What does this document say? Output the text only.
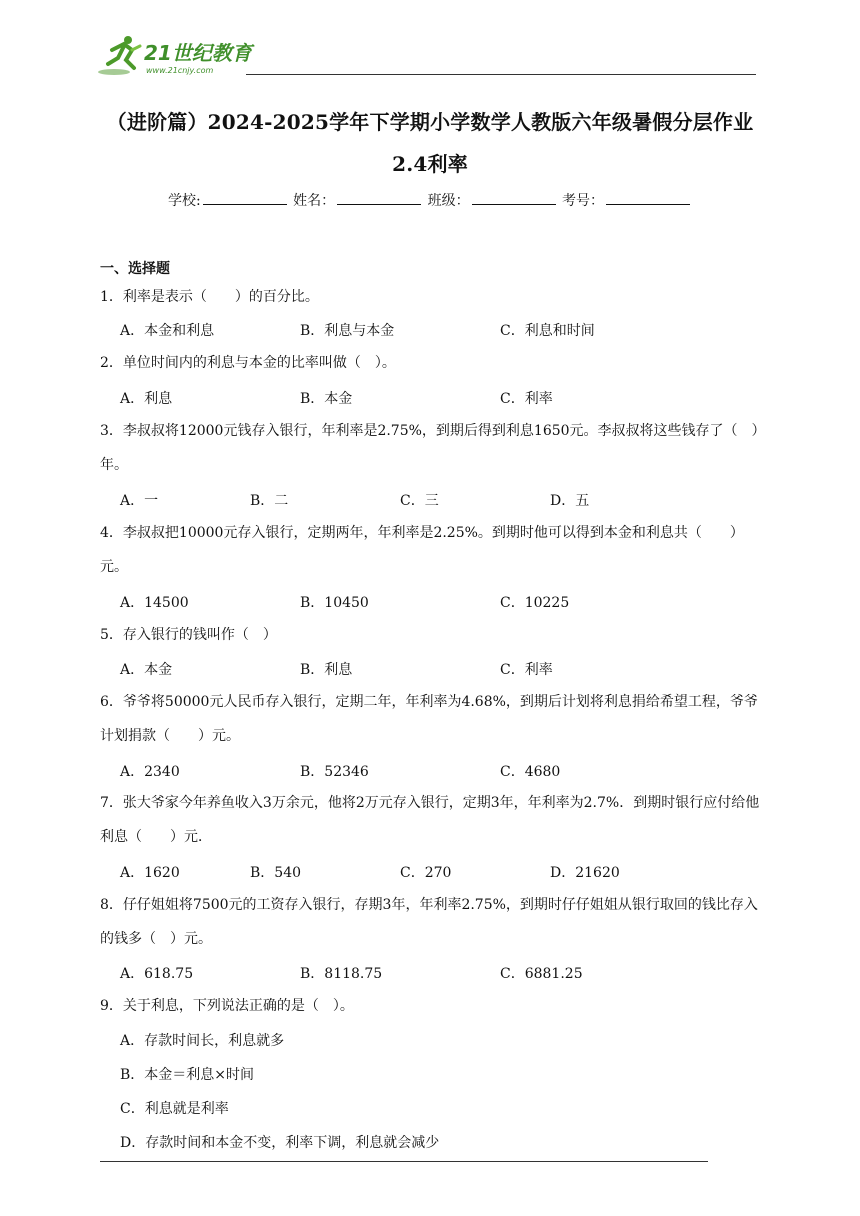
21世纪教育
www.21cnjy.com
（进阶篇）2024-2025学年下学期小学数学人教版六年级暑假分层作业
2.4利率
学校:	姓名：	班级：	考号：
一、选择题
1．利率是表示（　　）的百分比。
A．本金和利息	B．利息与本金	C．利息和时间
2．单位时间内的利息与本金的比率叫做（　）。
A．利息	B．本金	C．利率
3．李叔叔将12000元钱存入银行，年利率是2.75%，到期后得到利息1650元。李叔叔将这些钱存了（　）年。
A．一	B．二	C．三	D．五
4．李叔叔把10000元存入银行，定期两年，年利率是2.25%。到期时他可以得到本金和利息共（　　）元。
A．14500	B．10450	C．10225
5．存入银行的钱叫作（　）
A．本金	B．利息	C．利率
6．爷爷将50000元人民币存入银行，定期二年，年利率为4.68%，到期后计划将利息捐给希望工程，爷爷计划捐款（　　）元。
A．2340	B．52346	C．4680
7．张大爷家今年养鱼收入3万余元，他将2万元存入银行，定期3年，年利率为2.7%．到期时银行应付给他利息（　　）元．
A．1620	B．540	C．270	D．21620
8．仔仔姐姐将7500元的工资存入银行，存期3年，年利率2.75%，到期时仔仔姐姐从银行取回的钱比存入的钱多（　）元。
A．618.75	B．8118.75	C．6881.25
9．关于利息，下列说法正确的是（　）。
A．存款时间长，利息就多
B．本金＝利息×时间
C．利息就是利率
D．存款时间和本金不变，利率下调，利息就会减少
